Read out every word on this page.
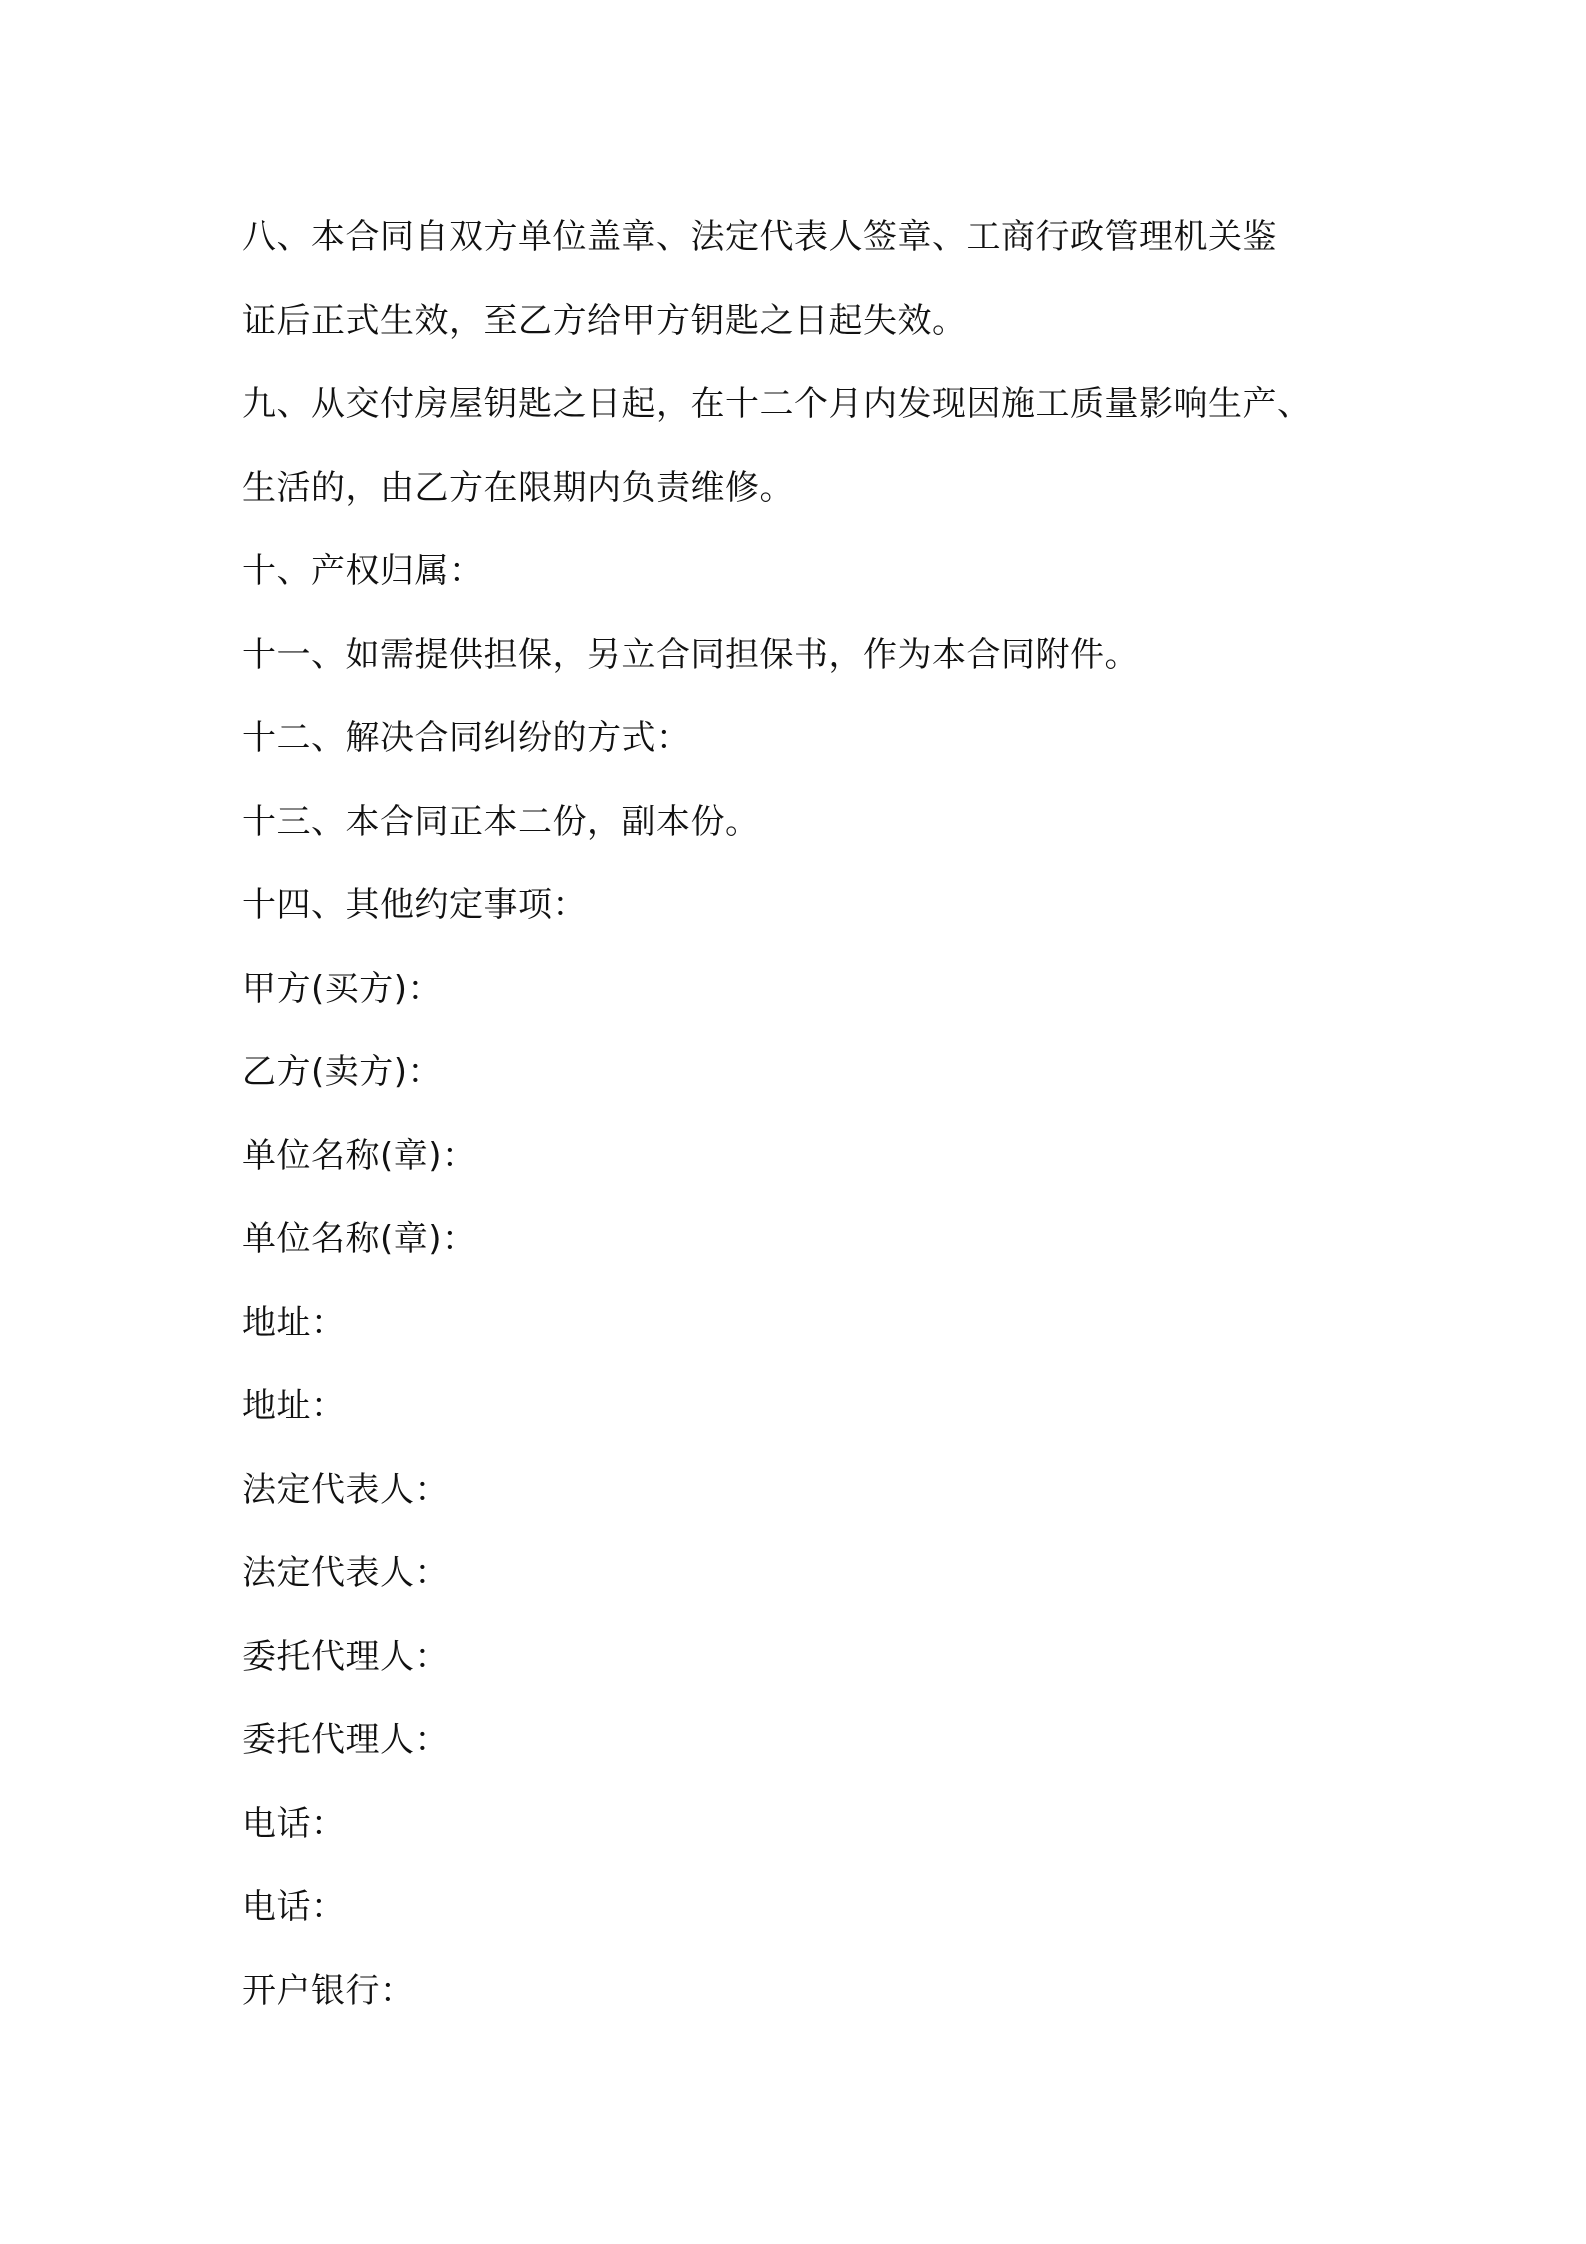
八、本合同自双方单位盖章、法定代表人签章、工商行政管理机关鉴
证后正式生效，至乙方给甲方钥匙之日起失效。
九、从交付房屋钥匙之日起，在十二个月内发现因施工质量影响生产、
生活的，由乙方在限期内负责维修。
十、产权归属：
十一、如需提供担保，另立合同担保书，作为本合同附件。
十二、解决合同纠纷的方式：
十三、本合同正本二份，副本份。
十四、其他约定事项：
甲方(买方)：
乙方(卖方)：
单位名称(章)：
单位名称(章)：
地址：
地址：
法定代表人：
法定代表人：
委托代理人：
委托代理人：
电话：
电话：
开户银行：
